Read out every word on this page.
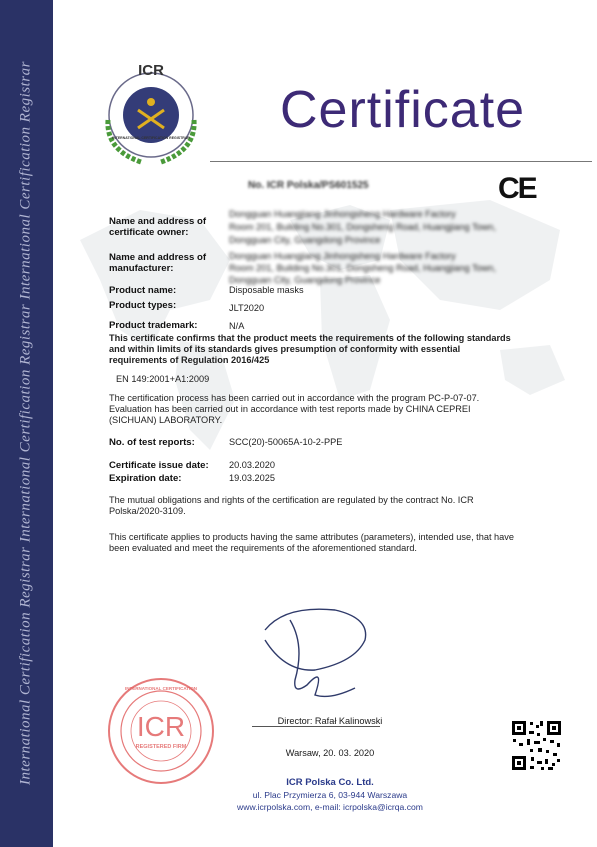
International Certification Registrar International Certification Registrar International Certification Registrar	ICR
INTERNATIONAL CERTIFICATION REGISTRAR Certificate
No. ICR Polska/PS601525	CE
Name and address of
certificate owner:
Dongguan Huangjiang Jinhongsheng Hardware Factory
Room 201, Building No.301, Dongsheng Road, Huangjiang Town,
Dongguan City, Guangdong Province
Name and address of
manufacturer:
Dongguan Huangjiang Jinhongsheng Hardware Factory
Room 201, Building No.301, Dongsheng Road, Huangjiang Town,
Dongguan City, Guangdong Province
Product name:	Disposable masks
Product types:	JLT2020
Product trademark:	N/A
This certificate confirms that the product meets the requirements of the following standards
and within limits of its standards gives presumption of conformity with essential
requirements of Regulation 2016/425
EN 149:2001+A1:2009
The certification process has been carried out in accordance with the program PC-P-07-07.
Evaluation has been carried out in accordance with test reports made by CHINA CEPREI
(SICHUAN) LABORATORY.
No. of test reports:	SCC(20)-50065A-10-2-PPE
Certificate issue date: 20.03.2020
Expiration date:	19.03.2025
The mutual obligations and rights of the certification are regulated by the contract No. ICR
Polska/2020-3109.
This certificate applies to products having the same attributes (parameters), intended use, that have
been evaluated and meet the requirements of the aforementioned standard.
Director: Rafał Kalinowski
Warsaw, 20. 03. 2020
ICR
INTERNATIONAL CERTIFICATION
REGISTERED FIRM
ICR Polska Co. Ltd.
ul. Plac Przymierza 6, 03-944 Warszawa
www.icrpolska.com, e-mail: icrpolska@icrqa.com
